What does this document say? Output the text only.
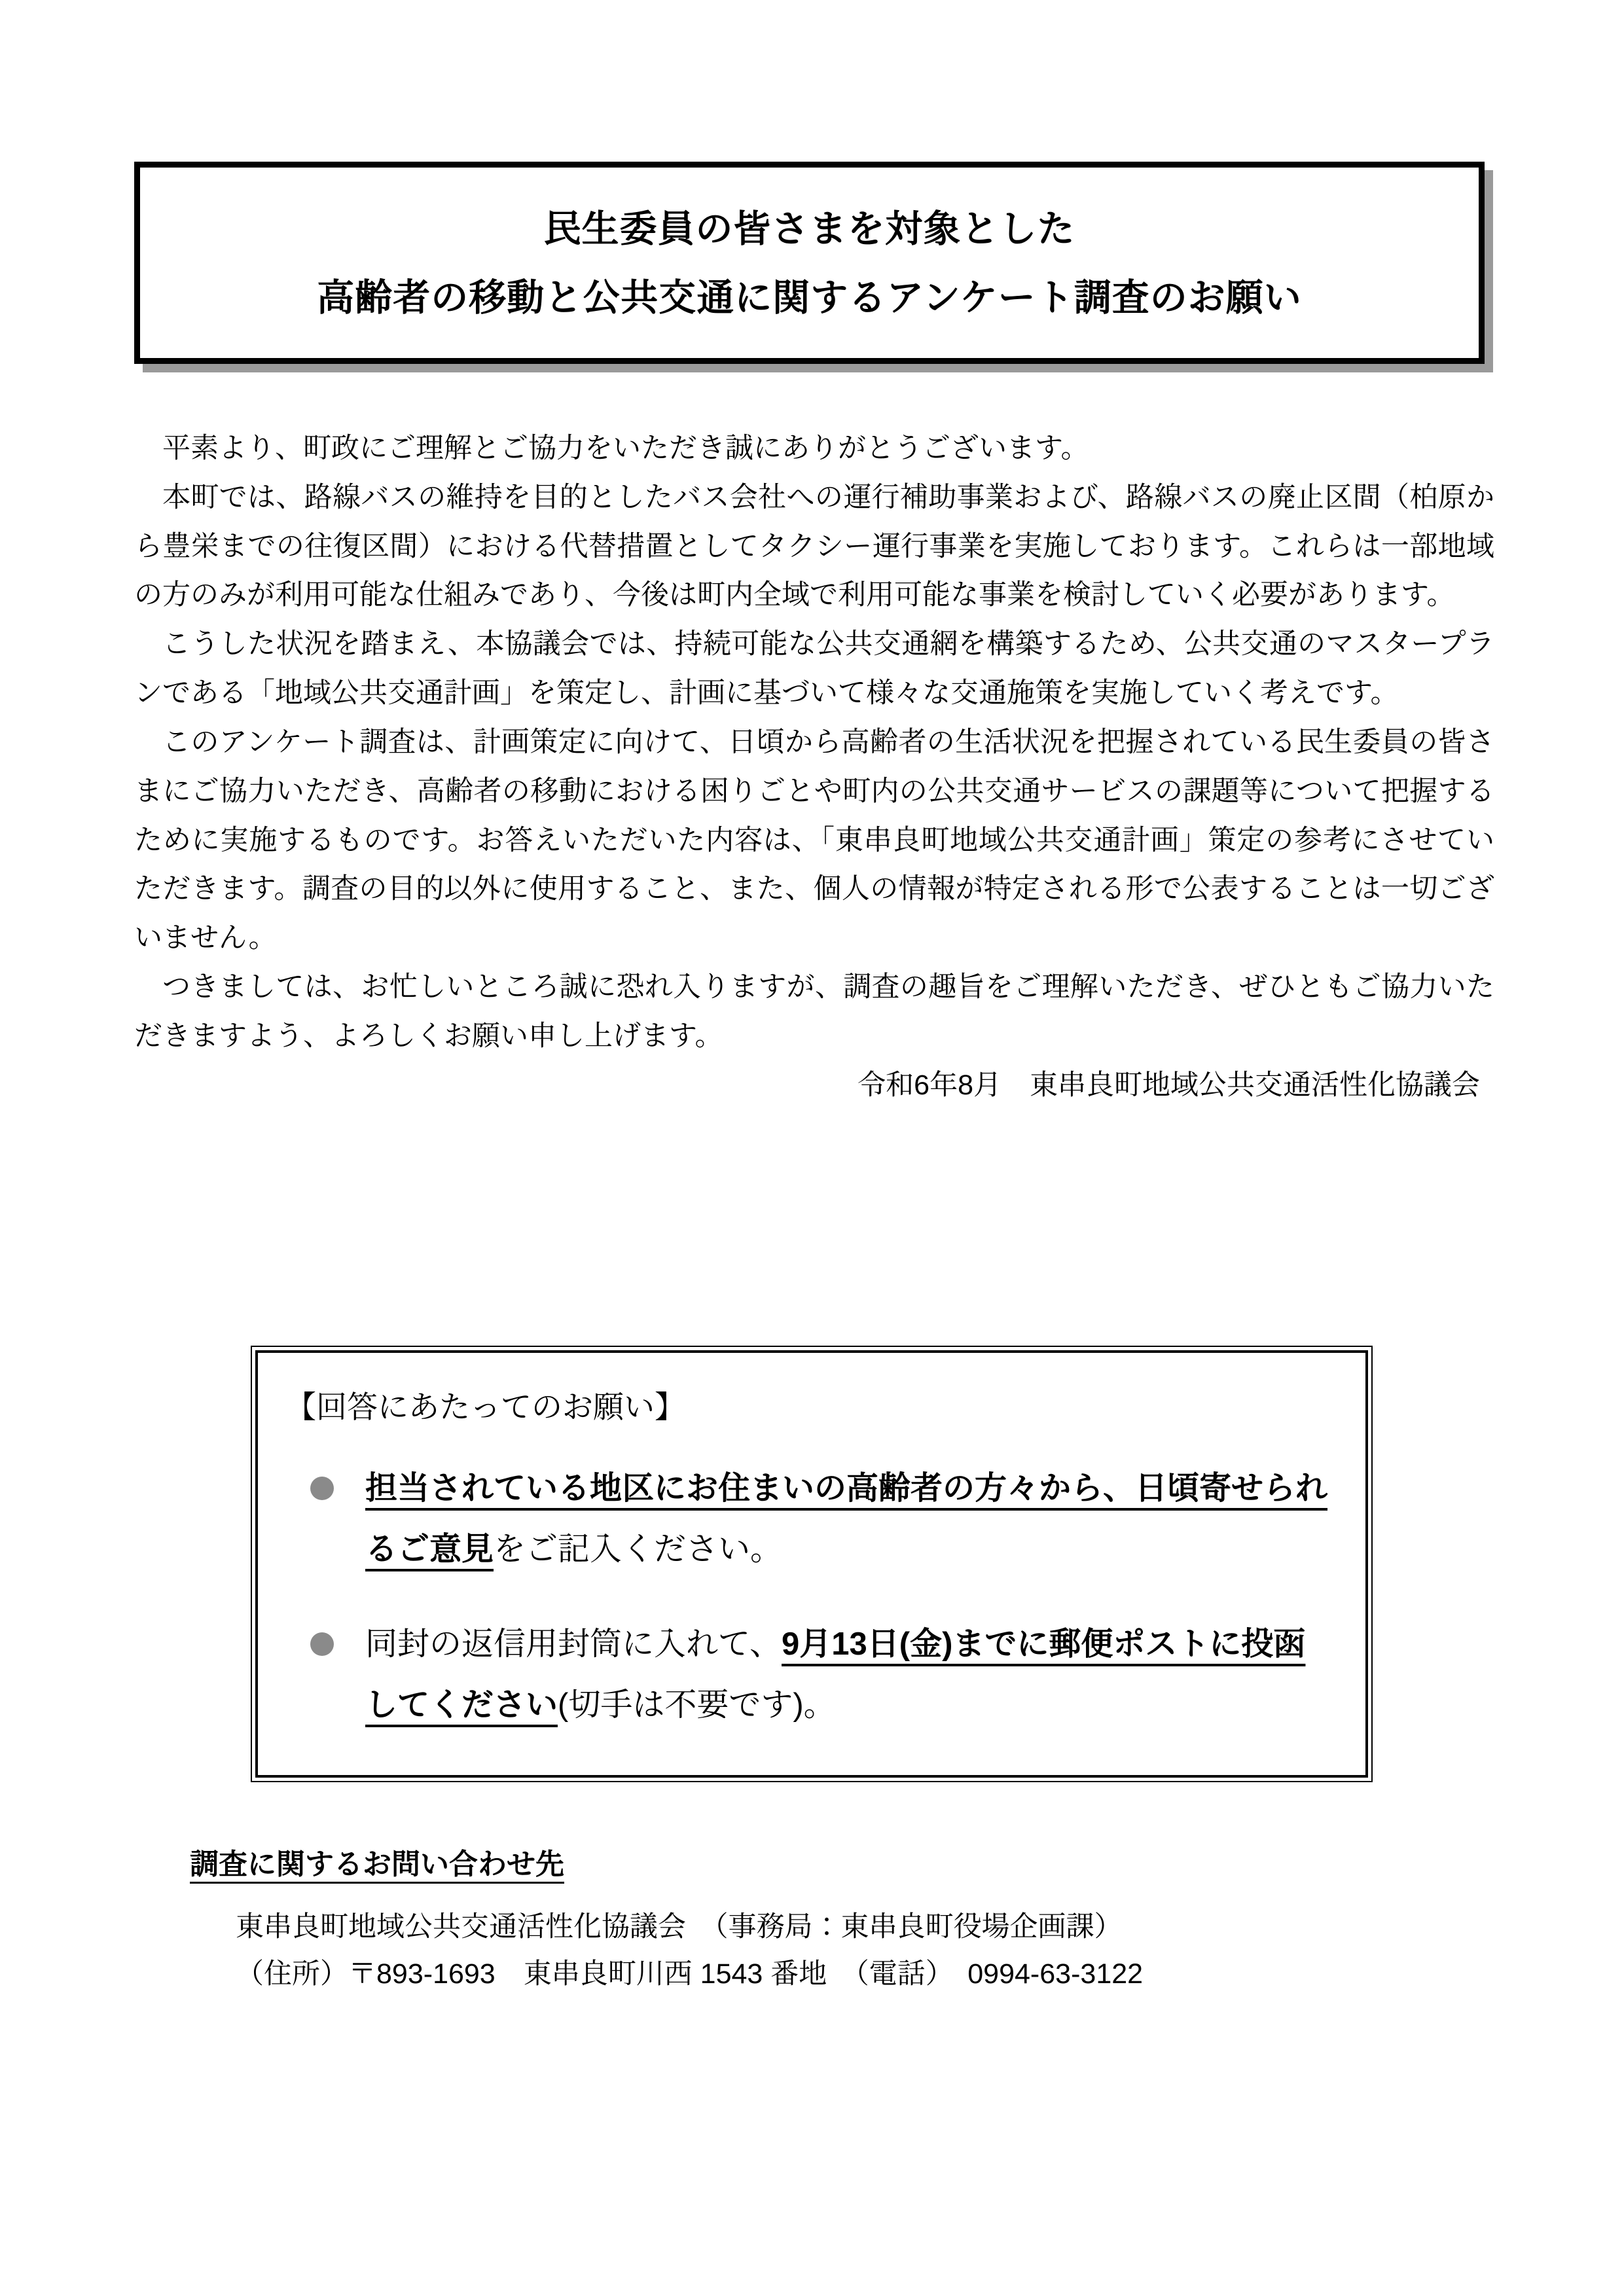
民生委員の皆さまを対象とした
高齢者の移動と公共交通に関するアンケート調査のお願い

平素より、町政にご理解とご協力をいただき誠にありがとうございます。

本町では、路線バスの維持を目的としたバス会社への運行補助事業および、路線バスの廃止区間（柏原から豊栄までの往復区間）における代替措置としてタクシー運行事業を実施しております。これらは一部地域の方のみが利用可能な仕組みであり、今後は町内全域で利用可能な事業を検討していく必要があります。

こうした状況を踏まえ、本協議会では、持続可能な公共交通網を構築するため、公共交通のマスタープランである「地域公共交通計画」を策定し、計画に基づいて様々な交通施策を実施していく考えです。

このアンケート調査は、計画策定に向けて、日頃から高齢者の生活状況を把握されている民生委員の皆さまにご協力いただき、高齢者の移動における困りごとや町内の公共交通サービスの課題等について把握するために実施するものです。お答えいただいた内容は、「東串良町地域公共交通計画」策定の参考にさせていただきます。調査の目的以外に使用すること、また、個人の情報が特定される形で公表することは一切ございません。

つきましては、お忙しいところ誠に恐れ入りますが、調査の趣旨をご理解いただき、ぜひともご協力いただきますよう、よろしくお願い申し上げます。

令和6年8月　東串良町地域公共交通活性化協議会

【回答にあたってのお願い】
担当されている地区にお住まいの高齢者の方々から、日頃寄せられるご意見をご記入ください。
同封の返信用封筒に入れて、9月13日(金)までに郵便ポストに投函してください(切手は不要です)。
調査に関するお問い合わせ先
東串良町地域公共交通活性化協議会　（事務局：東串良町役場企画課）
（住所）〒893-1693　東串良町川西 1543 番地　（電話）　0994-63-3122
